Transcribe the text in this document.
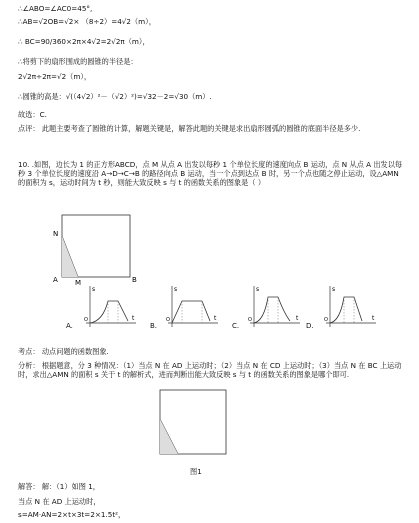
∴∠ABO=∠AC0=45°,
∴AB=√2OB=√2× （8÷2）=4√2（m），
∴ BC=90/360×2π×4√2=2√2π（m），
∴将剪下的扇形围成的圆锥的半径是：
2√2π÷2π=√2（m），
∴圆锥的高是：√(（4√2）²－（√2）²)=√32－2=√30（m）.
故选：C.
点评： 此题主要考查了圆锥的计算，解题关键是，解答此题的关键是求出扇形圆弧的圆锥的底面半径是多少.
10. .如图，边长为 1 的正方形ABCD，点 M 从点 A 出发以每秒 1 个单位长度的速度向点 B 运动，点 N 从点 A 出发以每秒 3 个单位长度的速度沿 A→D→C→B 的路径向点 B 运动，当一个点到达点 B 时，另一个点也随之停止运动，设△AMN 的面积为 s，运动时间为 t 秒，则能大致反映 s 与 t 的函数关系的图象是（ ）
N
A M	B
s
t
O
A.
s
t
O
B.
s
t
O
C.
s
t
O
D.
考点： 动点问题的函数图象.
分析： 根据题意，分 3 种情况：（1）当点 N 在 AD 上运动时；（2）当点 N 在 CD 上运动时；（3）当点 N 在 BC 上运动时，求出△AMN 的面积 s 关于 t 的解析式，进而判断出能大致反映 s 与 t 的函数关系的图象是哪个即可.
图1
解答： 解：（1）如图 1，
当点 N 在 AD 上运动时，
s=AM·AN=2×t×3t=2×1.5t²，
